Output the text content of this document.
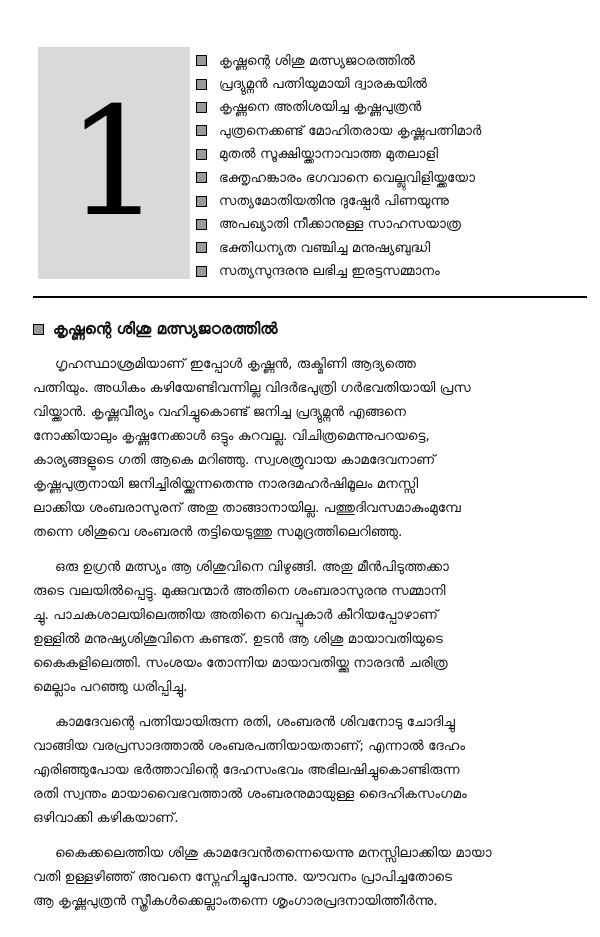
1
കൃഷ്ണന്റെ ശിശു മത്സ്യജഠരത്തിൽ
പ്രദ്യുമ്നൻ പത്നിയുമായി ദ്വാരകയിൽ
കൃഷ്ണനെ അതിശയിച്ച കൃഷ്ണപുത്രൻ
പുത്രനെക്കണ്ട് മോഹിതരായ കൃഷ്ണപത്നിമാർ
മുതൽ സൂക്ഷിയ്ക്കാനാവാത്ത മുതലാളി
ഭക്തൃഹങ്കാരം ഭഗവാനെ വെല്ലുവിളിയ്ക്കയോ
സത്യമോതിയതിനു ദുഷ്പേർ പിണയുന്നു
അപഖ്യാതി നീക്കാനുള്ള സാഹസയാത്ര
ഭക്തിധന്യത വഞ്ചിച്ച മനുഷ്യബുദ്ധി
സത്യസുന്ദരനു ലഭിച്ച ഇരട്ടസമ്മാനം
കൃഷ്ണന്റെ ശിശു മത്സ്യജഠരത്തിൽ

ഗൃഹസ്ഥാശ്രമിയാണ് ഇപ്പോൾ കൃഷ്ണൻ, രുക്മിണി ആദ്യത്തെ
പത്നിയും. അധികം കഴിയേണ്ടിവന്നില്ല വിദർഭപുത്രി ഗർഭവതിയായി പ്രസ
വിയ്ക്കാൻ. കൃഷ്ണവീര്യം വഹിച്ചുകൊണ്ട് ജനിച്ച പ്രദ്യുമ്നൻ എങ്ങനെ
നോക്കിയാലും കൃഷ്ണനേക്കാൾ ഒട്ടും കുറവല്ല. വിചിത്രമെന്നുപറയട്ടെ,
കാര്യങ്ങളുടെ ഗതി ആകെ മറിഞ്ഞു. സ്വശത്രുവായ കാമദേവനാണ്
കൃഷ്ണപുത്രനായി ജനിച്ചിരിയ്ക്കുന്നതെന്നു നാരദമഹർഷിമൂലം മനസ്സി
ലാക്കിയ ശംബരാസുരന് അതു താങ്ങാനായില്ല. പത്തുദിവസമാകുംമുമ്പേ
തന്നെ ശിശുവെ ശംബരൻ തട്ടിയെടുത്തു സമുദ്രത്തിലെറിഞ്ഞു.

ഒരു ഉഗ്രൻ മത്സ്യം ആ ശിശുവിനെ വിഴുങ്ങി. അതു മീൻപിടുത്തക്കാ
രുടെ വലയിൽപ്പെട്ടു. മുക്കുവന്മാർ അതിനെ ശംബരാസുരനു സമ്മാനി
ച്ചു. പാചകശാലയിലെത്തിയ അതിനെ വെപ്പുകാർ കീറിയപ്പോഴാണ്
ഉള്ളിൽ മനുഷ്യശിശുവിനെ കണ്ടത്. ഉടൻ ആ ശിശു മായാവതിയുടെ
കൈകളിലെത്തി. സംശയം തോന്നിയ മായാവതിയ്ക്കു നാരദൻ ചരിത്ര
മെല്ലാം പറഞ്ഞു ധരിപ്പിച്ചു.

കാമദേവന്റെ പത്നിയായിരുന്ന രതി, ശംബരൻ ശിവനോടു ചോദിച്ചു
വാങ്ങിയ വരപ്രസാദത്താൽ ശംബരപത്നിയായതാണ്; എന്നാൽ ദേഹം
എരിഞ്ഞുപോയ ഭർത്താവിന്റെ ദേഹസംഭവം അഭിലഷിച്ചുകൊണ്ടിരുന്ന
രതി സ്വന്തം മായാവൈഭവത്താൽ ശംബരനുമായുള്ള ദൈഹികസംഗമം
ഒഴിവാക്കി കഴികയാണ്.

കൈക്കലെത്തിയ ശിശു കാമദേവൻതന്നെയെന്നു മനസ്സിലാക്കിയ മായാ
വതി ഉള്ളഴിഞ്ഞ് അവനെ സ്നേഹിച്ചുപോന്നു. യൗവനം പ്രാപിച്ചതോടെ
ആ കൃഷ്ണപുത്രൻ സ്ത്രീകൾക്കെല്ലാംതന്നെ ശൃംഗാരപ്രദനായിത്തീർന്നു.
